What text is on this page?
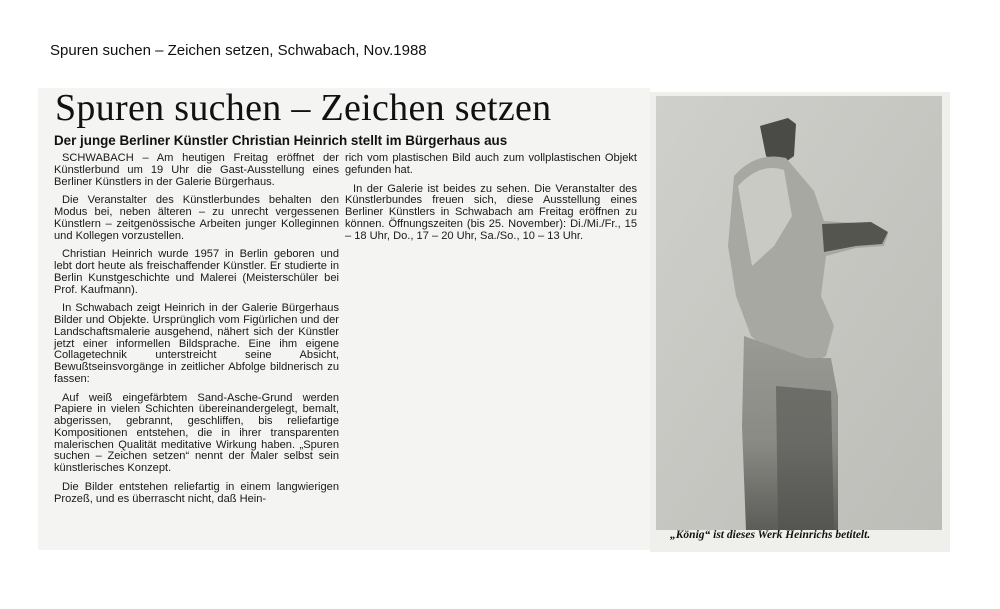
Spuren suchen – Zeichen setzen, Schwabach, Nov.1988
Spuren suchen – Zeichen setzen
Der junge Berliner Künstler Christian Heinrich stellt im Bürgerhaus aus

SCHWABACH – Am heutigen Freitag eröffnet der Künstlerbund um 19 Uhr die Gast-Ausstellung eines Berliner Künstlers in der Galerie Bürgerhaus.

Die Veranstalter des Künstlerbundes behalten den Modus bei, neben älteren – zu unrecht vergessenen Künstlern – zeitgenössische Arbeiten junger Kolleginnen und Kollegen vorzustellen.

Christian Heinrich wurde 1957 in Berlin geboren und lebt dort heute als freischaffender Künstler. Er studierte in Berlin Kunstgeschichte und Malerei (Meisterschüler bei Prof. Kaufmann).

In Schwabach zeigt Heinrich in der Galerie Bürgerhaus Bilder und Objekte. Ursprünglich vom Figürlichen und der Landschaftsmalerie ausgehend, nähert sich der Künstler jetzt einer informellen Bildsprache. Eine ihm eigene Collagetechnik unterstreicht seine Absicht, Bewußtseinsvorgänge in zeitlicher Abfolge bildnerisch zu fassen:

Auf weiß eingefärbtem Sand-Asche-Grund werden Papiere in vielen Schichten übereinandergelegt, bemalt, abgerissen, gebrannt, geschliffen, bis reliefartige Kompositionen entstehen, die in ihrer transparenten malerischen Qualität meditative Wirkung haben. „Spuren suchen – Zeichen setzen“ nennt der Maler selbst sein künstlerisches Konzept.

Die Bilder entstehen reliefartig in einem langwierigen Prozeß, und es überrascht nicht, daß Hein-

rich vom plastischen Bild auch zum vollplastischen Objekt gefunden hat.

In der Galerie ist beides zu sehen. Die Veranstalter des Künstlerbundes freuen sich, diese Ausstellung eines Berliner Künstlers in Schwabach am Freitag eröffnen zu können. Öffnungszeiten (bis 25. November): Di./Mi./Fr., 15 – 18 Uhr, Do., 17 – 20 Uhr, Sa./So., 10 – 13 Uhr.

„König“ ist dieses Werk Heinrichs betitelt.
